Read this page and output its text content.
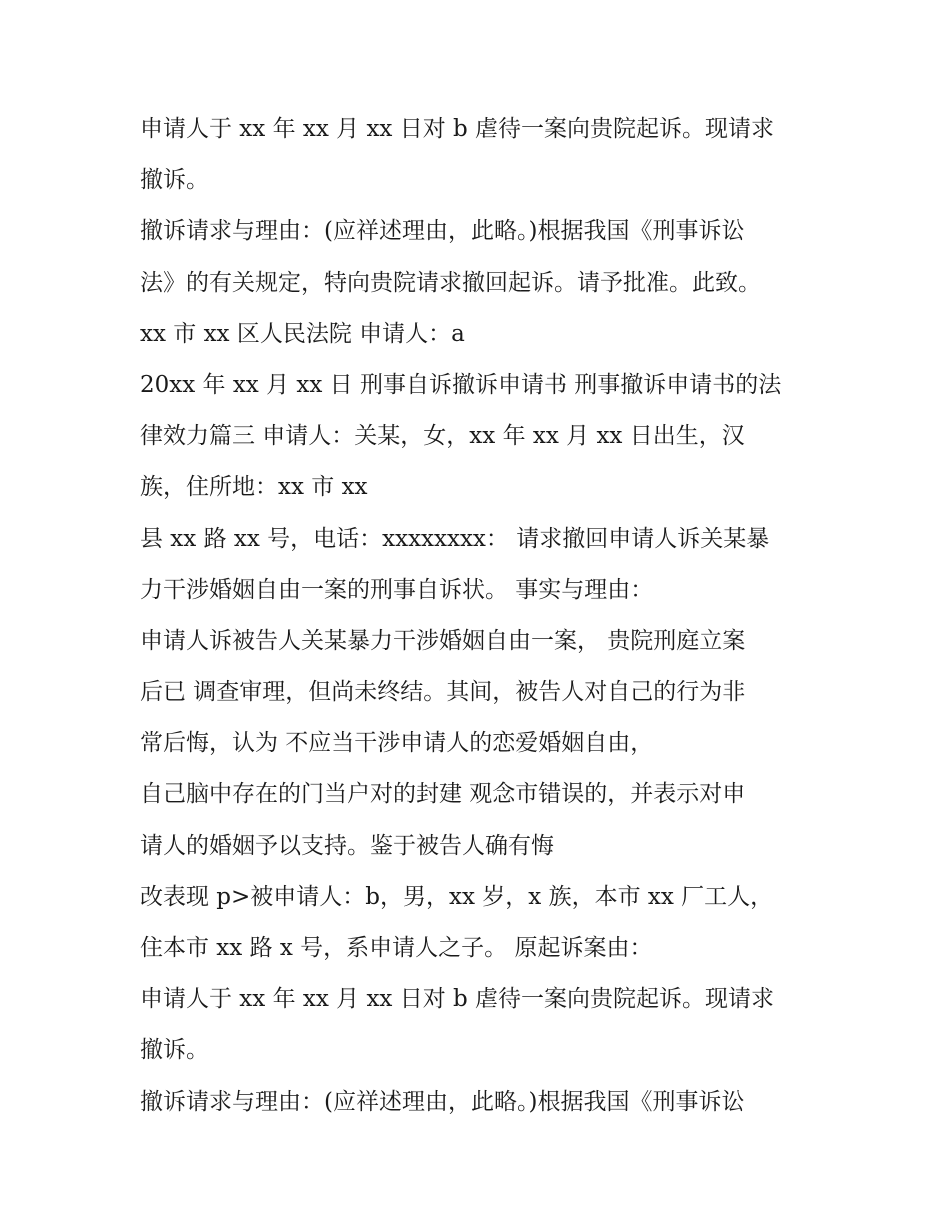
申请人于 xx 年 xx 月 xx 日对 b 虐待一案向贵院起诉。现请求
撤诉。
撤诉请求与理由：(应祥述理由，此略。)根据我国《刑事诉讼
法》的有关规定，特向贵院请求撤回起诉。请予批准。此致。
xx 市 xx 区人民法院 申请人：a
20xx 年 xx 月 xx 日 刑事自诉撤诉申请书 刑事撤诉申请书的法
律效力篇三 申请人：关某，女，xx 年 xx 月 xx 日出生，汉
族，住所地：xx 市 xx
县 xx 路 xx 号，电话：xxxxxxxx： 请求撤回申请人诉关某暴
力干涉婚姻自由一案的刑事自诉状。 事实与理由：
申请人诉被告人关某暴力干涉婚姻自由一案， 贵院刑庭立案
后已 调查审理，但尚未终结。其间，被告人对自己的行为非
常后悔，认为 不应当干涉申请人的恋爱婚姻自由，
自己脑中存在的门当户对的封建 观念市错误的，并表示对申
请人的婚姻予以支持。鉴于被告人确有悔
改表现 p>被申请人：b，男，xx 岁，x 族，本市 xx 厂工人，
住本市 xx 路 x 号，系申请人之子。 原起诉案由：
申请人于 xx 年 xx 月 xx 日对 b 虐待一案向贵院起诉。现请求
撤诉。
撤诉请求与理由：(应祥述理由，此略。)根据我国《刑事诉讼
